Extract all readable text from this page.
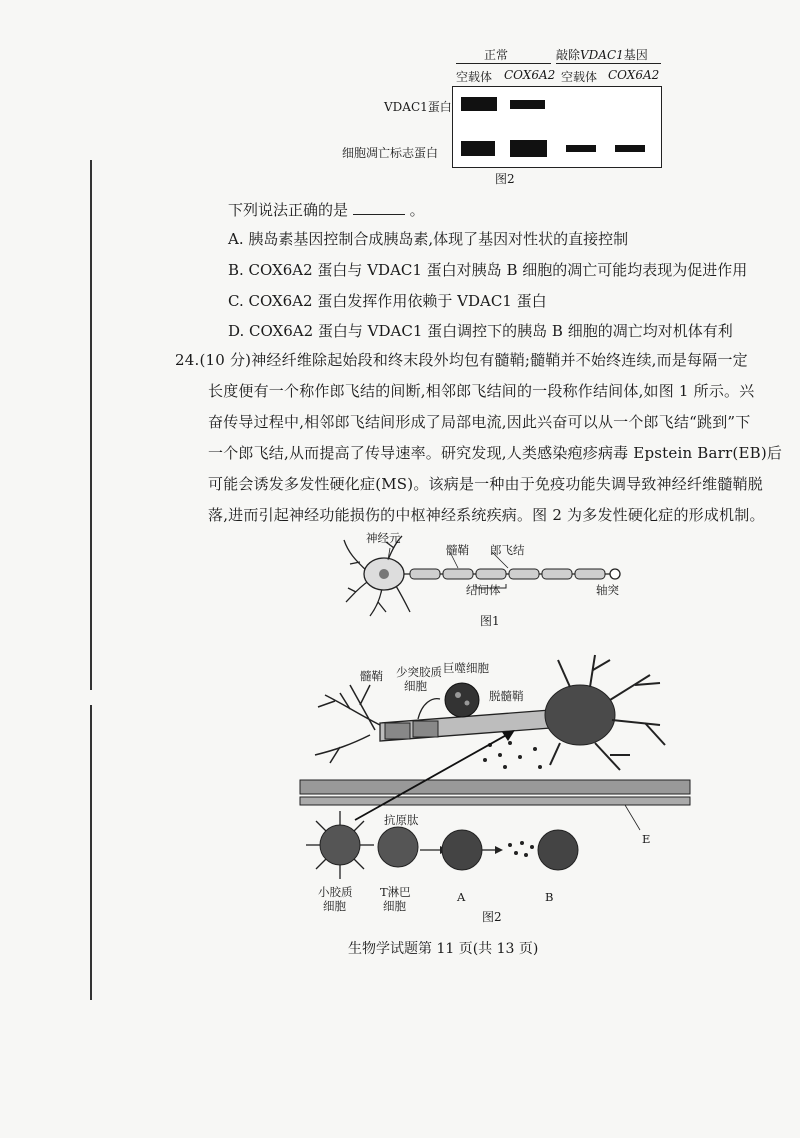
正常	敲除VDAC1基因
空载体 COX6A2 空载体 COX6A2
VDAC1蛋白
细胞凋亡标志蛋白
图2
下列说法正确的是	。
A. 胰岛素基因控制合成胰岛素,体现了基因对性状的直接控制
B. COX6A2 蛋白与 VDAC1 蛋白对胰岛 B 细胞的凋亡可能均表现为促进作用
C. COX6A2 蛋白发挥作用依赖于 VDAC1 蛋白
D. COX6A2 蛋白与 VDAC1 蛋白调控下的胰岛 B 细胞的凋亡均对机体有利
24.(10 分)神经纤维除起始段和终末段外均包有髓鞘;髓鞘并不始终连续,而是每隔一定
长度便有一个称作郎飞结的间断,相邻郎飞结间的一段称作结间体,如图 1 所示。兴
奋传导过程中,相邻郎飞结间形成了局部电流,因此兴奋可以从一个郎飞结“跳到”下
一个郎飞结,从而提高了传导速率。研究发现,人类感染疱疹病毒 Epstein Barr(EB)后
可能会诱发多发性硬化症(MS)。该病是一种由于免疫功能失调导致神经纤维髓鞘脱
落,进而引起神经功能损伤的中枢神经系统疾病。图 2 为多发性硬化症的形成机制。
神经元
髓鞘 郎飞结
结间体	轴突
图1
髓鞘 少突胶质
细胞
巨噬细胞
脱髓鞘
抗原肽
E
小胶质
细胞
T淋巴
细胞
A	B
图2
生物学试题第 11 页(共 13 页)
